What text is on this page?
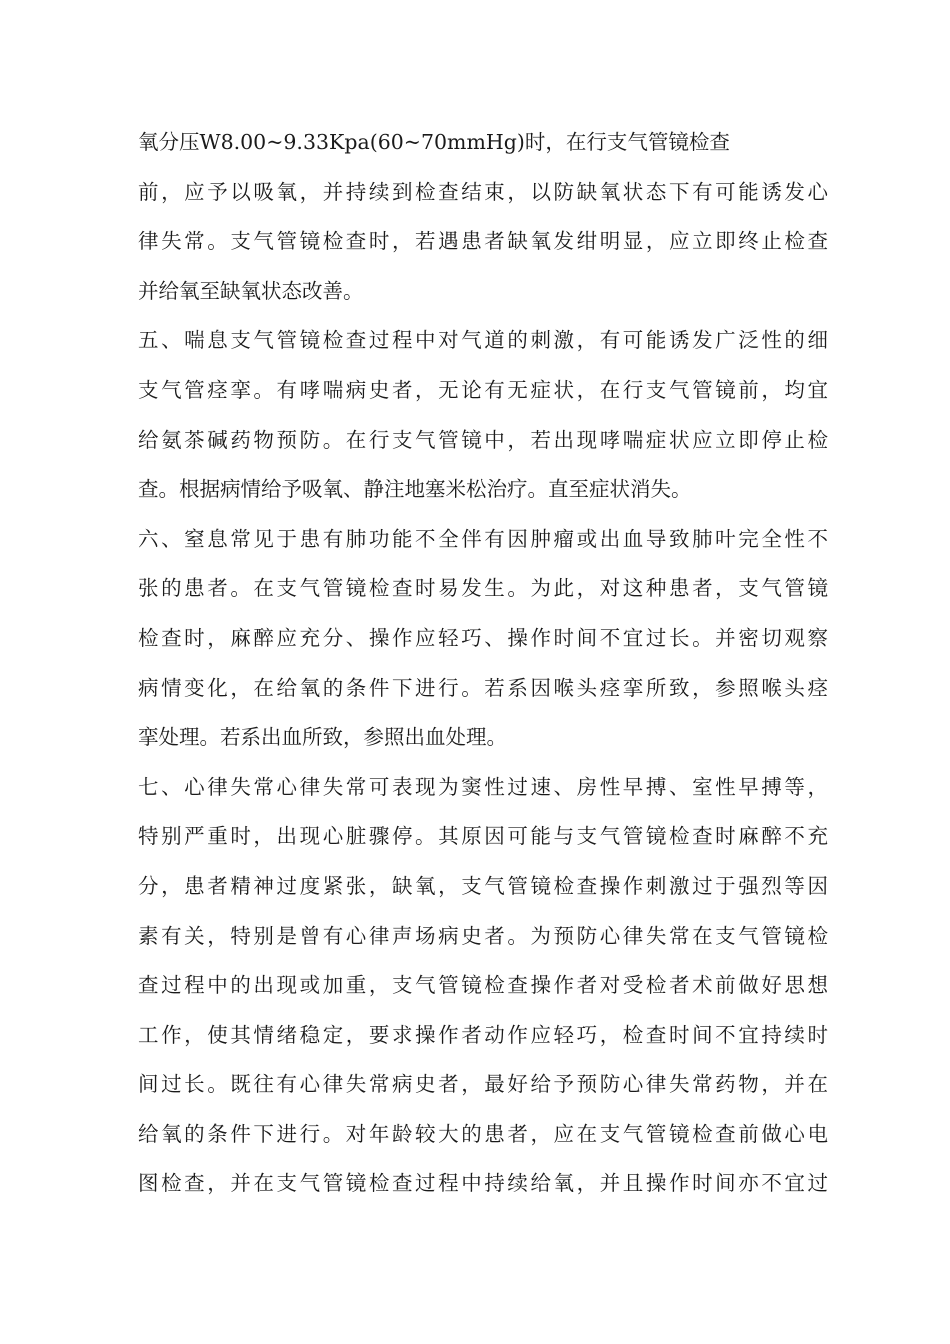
氧分压W8.00~9.33Kpa(60~70mmHg)时，在行支气管镜检查
前，应予以吸氧，并持续到检查结束，以防缺氧状态下有可能诱发心
律失常。支气管镜检查时，若遇患者缺氧发绀明显，应立即终止检查
并给氧至缺氧状态改善。
五、喘息支气管镜检查过程中对气道的刺激，有可能诱发广泛性的细
支气管痉挛。有哮喘病史者，无论有无症状，在行支气管镜前，均宜
给氨茶碱药物预防。在行支气管镜中，若出现哮喘症状应立即停止检
查。根据病情给予吸氧、静注地塞米松治疗。直至症状消失。
六、窒息常见于患有肺功能不全伴有因肿瘤或出血导致肺叶完全性不
张的患者。在支气管镜检查时易发生。为此，对这种患者，支气管镜
检查时，麻醉应充分、操作应轻巧、操作时间不宜过长。并密切观察
病情变化，在给氧的条件下进行。若系因喉头痉挛所致，参照喉头痉
挛处理。若系出血所致，参照出血处理。
七、心律失常心律失常可表现为窦性过速、房性早搏、室性早搏等，
特别严重时，出现心脏骤停。其原因可能与支气管镜检查时麻醉不充
分，患者精神过度紧张，缺氧，支气管镜检查操作刺激过于强烈等因
素有关，特别是曾有心律声场病史者。为预防心律失常在支气管镜检
查过程中的出现或加重，支气管镜检查操作者对受检者术前做好思想
工作，使其情绪稳定，要求操作者动作应轻巧，检查时间不宜持续时
间过长。既往有心律失常病史者，最好给予预防心律失常药物，并在
给氧的条件下进行。对年龄较大的患者，应在支气管镜检查前做心电
图检查，并在支气管镜检查过程中持续给氧，并且操作时间亦不宜过
